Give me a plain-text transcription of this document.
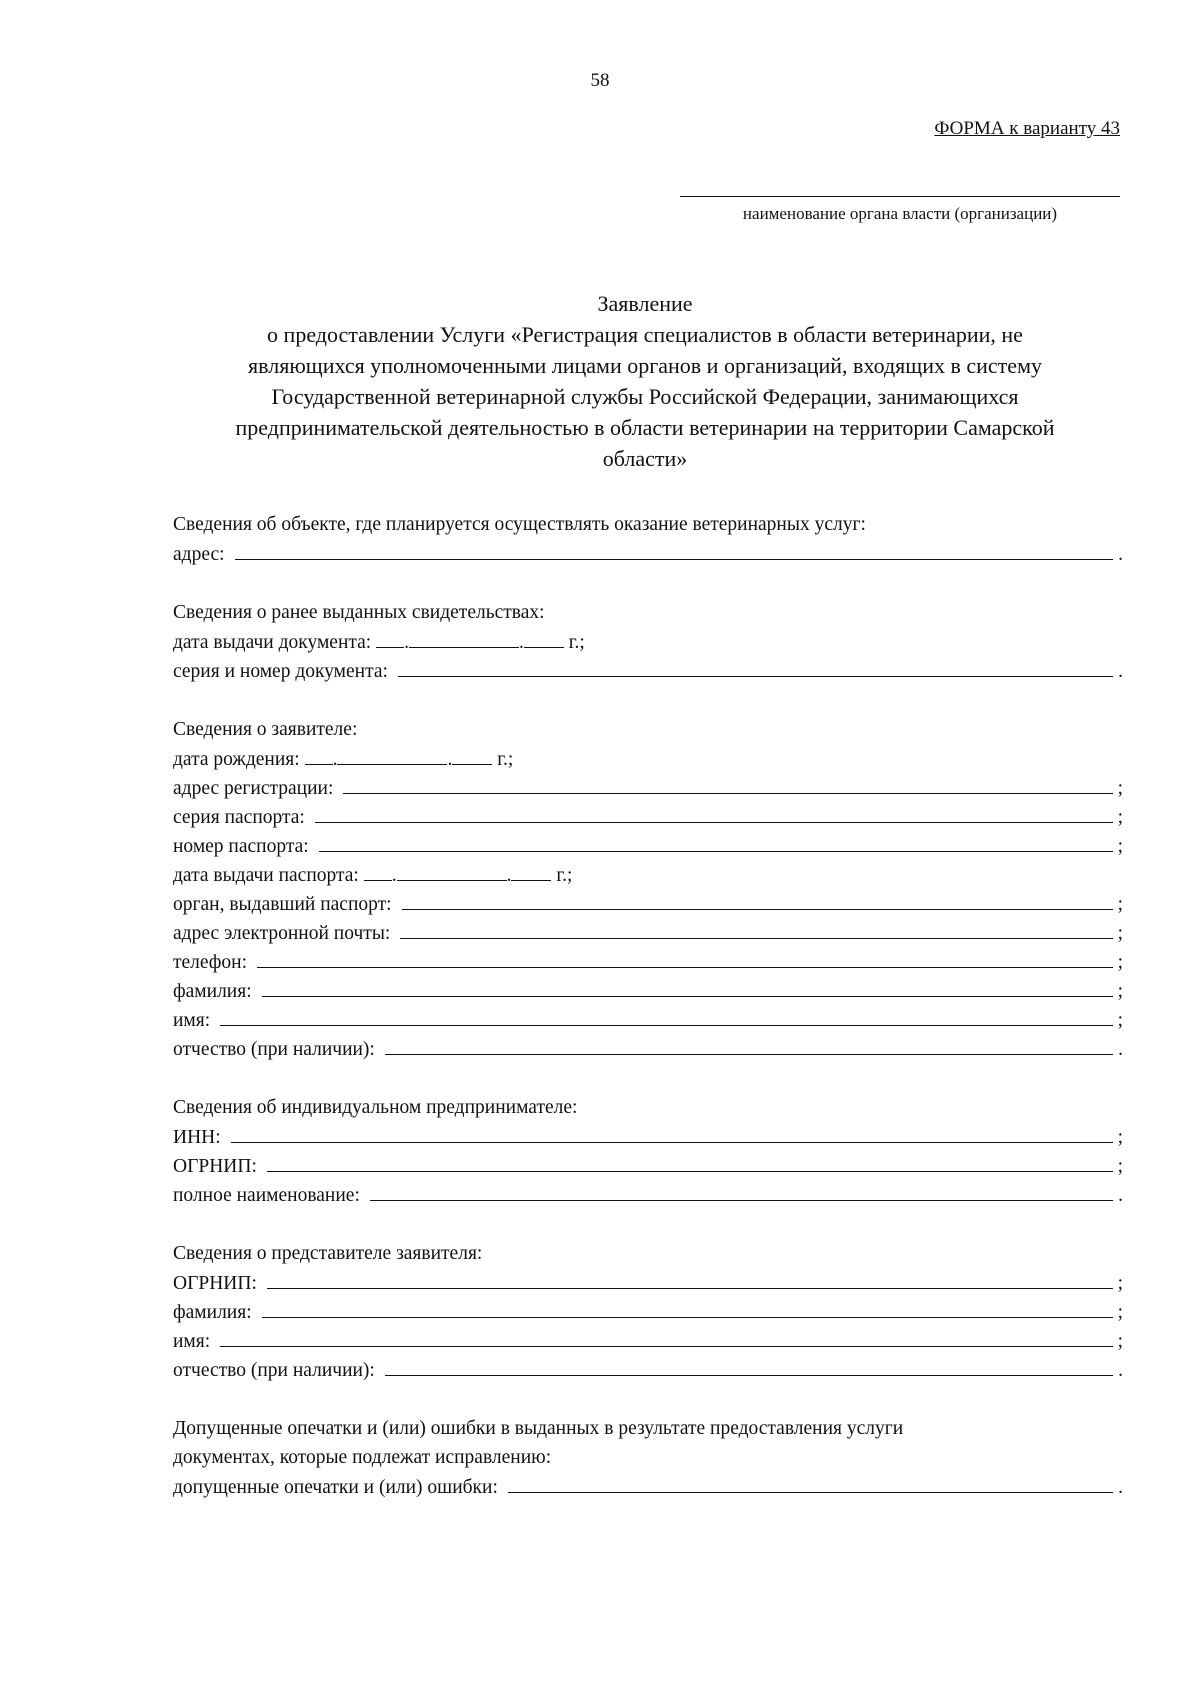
58
ФОРМА к варианту 43
наименование органа власти (организации)
Заявление
о предоставлении Услуги «Регистрация специалистов в области ветеринарии, не
являющихся уполномоченными лицами органов и организаций, входящих в систему
Государственной ветеринарной службы Российской Федерации, занимающихся
предпринимательской деятельностью в области ветеринарии на территории Самарской
области»
Сведения об объекте, где планируется осуществлять оказание ветеринарных услуг:
адрес:	.
Сведения о ранее выданных свидетельствах:
дата выдачи документа: .	. г.;
серия и номер документа:	.
Сведения о заявителе:
дата рождения: .	. г.;
адрес регистрации:	;
серия паспорта:	;
номер паспорта:	;
дата выдачи паспорта: .	. г.;
орган, выдавший паспорт:	;
адрес электронной почты:	;
телефон:	;
фамилия:	;
имя:	;
отчество (при наличии):	.
Сведения об индивидуальном предпринимателе:
ИНН:	;
ОГРНИП:	;
полное наименование:	.
Сведения о представителе заявителя:
ОГРНИП:	;
фамилия:	;
имя:	;
отчество (при наличии):	.
Допущенные опечатки и (или) ошибки в выданных в результате предоставления услуги
документах, которые подлежат исправлению:
допущенные опечатки и (или) ошибки:	.
